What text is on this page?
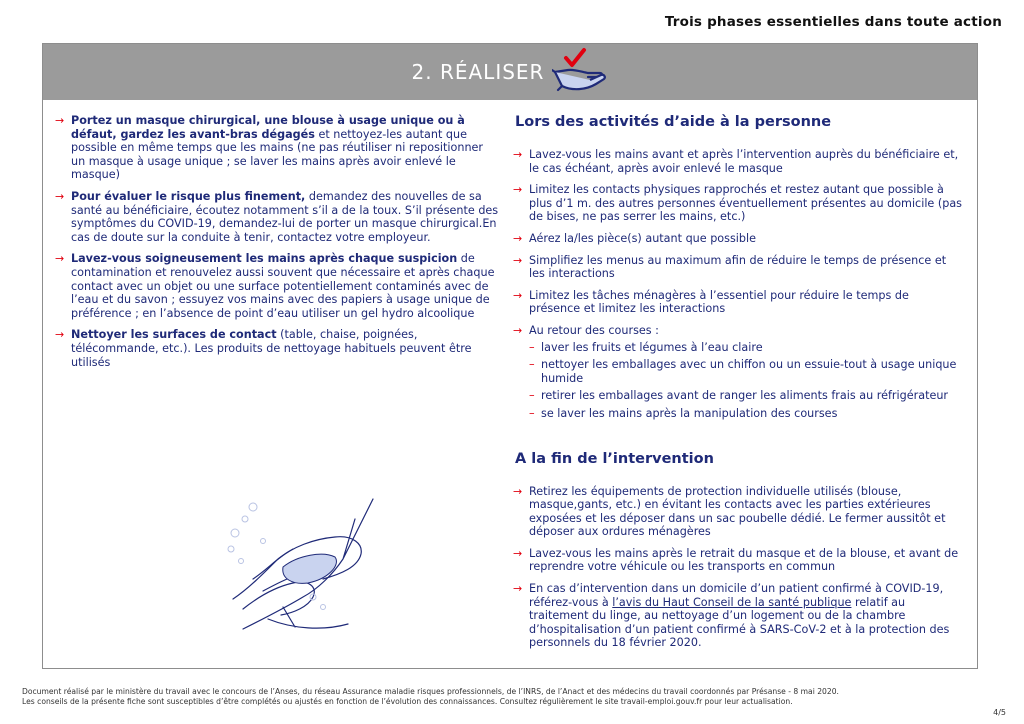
Trois phases essentielles dans toute action
2. RÉALISER
→ Portez un masque chirurgical, une blouse à usage unique ou à défaut, gardez les avant-bras dégagés et nettoyez-les autant que possible en même temps que les mains (ne pas réutiliser ni repositionner un masque à usage unique ; se laver les mains après avoir enlevé le masque)
→ Pour évaluer le risque plus finement, demandez des nouvelles de sa santé au bénéficiaire, écoutez notamment s’il a de la toux. S’il présente des symptômes du COVID-19, demandez-lui de porter un masque chirurgical.En cas de doute sur la conduite à tenir, contactez votre employeur.
→ Lavez-vous soigneusement les mains après chaque suspicion de contamination et renouvelez aussi souvent que nécessaire et après chaque contact avec un objet ou une surface potentiellement contaminés avec de l’eau et du savon ; essuyez vos mains avec des papiers à usage unique de préférence ; en l’absence de point d’eau utiliser un gel hydro alcoolique
→ Nettoyer les surfaces de contact (table, chaise, poignées, télécommande, etc.). Les produits de nettoyage habituels peuvent être utilisés
Lors des activités d’aide à la personne
→ Lavez-vous les mains avant et après l’intervention auprès du bénéficiaire et, le cas échéant, après avoir enlevé le masque
→ Limitez les contacts physiques rapprochés et restez autant que possible à plus d’1 m. des autres personnes éventuellement présentes au domicile (pas de bises, ne pas serrer les mains, etc.)
→ Aérez la/les pièce(s) autant que possible
→ Simplifiez les menus au maximum afin de réduire le temps de présence et les interactions
→ Limitez les tâches ménagères à l’essentiel pour réduire le temps de présence et limitez les interactions
→ Au retour des courses :
– laver les fruits et légumes à l’eau claire
– nettoyer les emballages avec un chiffon ou un essuie-tout à usage unique humide
– retirer les emballages avant de ranger les aliments frais au réfrigérateur
– se laver les mains après la manipulation des courses
A la fin de l’intervention
→ Retirez les équipements de protection individuelle utilisés (blouse, masque,gants, etc.) en évitant les contacts avec les parties extérieures exposées et les déposer dans un sac poubelle dédié. Le fermer aussitôt et déposer aux ordures ménagères
→ Lavez-vous les mains après le retrait du masque et de la blouse, et avant de reprendre votre véhicule ou les transports en commun
→ En cas d’intervention dans un domicile d’un patient confirmé à COVID-19, référez-vous à l’avis du Haut Conseil de la santé publique relatif au traitement du linge, au nettoyage d’un logement ou de la chambre d’hospitalisation d’un patient confirmé à SARS-CoV-2 et à la protection des personnels du 18 février 2020.
Document réalisé par le ministère du travail avec le concours de l’Anses, du réseau Assurance maladie risques professionnels, de l’INRS, de l’Anact et des médecins du travail coordonnés par Présanse - 8 mai 2020.
Les conseils de la présente fiche sont susceptibles d’être complétés ou ajustés en fonction de l’évolution des connaissances. Consultez régulièrement le site travail-emploi.gouv.fr pour leur actualisation.
4/5
